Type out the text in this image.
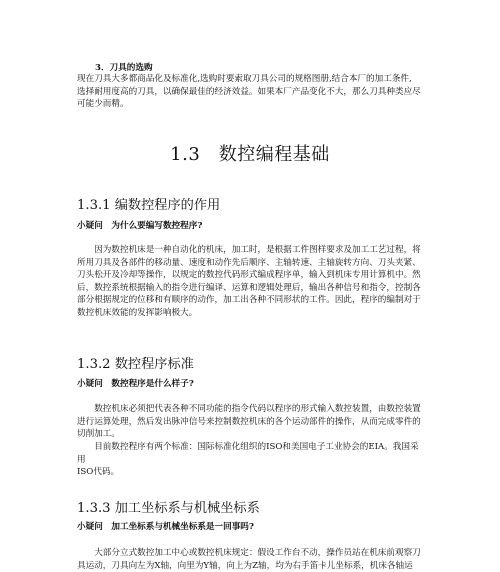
3．刀具的选购
现在刀具大多都商品化及标准化,选购时要索取刀具公司的规格图册,结合本厂的加工条件,
选择耐用度高的刀具，以确保最佳的经济效益。如果本厂产品变化不大，那么刀具种类应尽
可能少而精。
1.3　数控编程基础
1.3.1 编数控程序的作用
小疑问　为什么要编写数控程序?
　　因为数控机床是一种自动化的机床，加工时，是根据工件图样要求及加工工艺过程，将
所用刀具及各部件的移动量、速度和动作先后顺序、主轴转速、主轴旋转方向、刀头夹紧、
刀头松开及冷却等操作，以规定的数控代码形式编成程序单，输入到机床专用计算机中。然
后，数控系统根据输入的指令进行编译、运算和逻辑处理后，输出各种信号和指令，控制各
部分根据规定的位移和有顺序的动作，加工出各种不同形状的工件。因此，程序的编制对于
数控机床效能的发挥影响极大。
1.3.2 数控程序标准
小疑问　数控程序是什么样子?
　　数控机床必须把代表各种不同功能的指令代码以程序的形式输入数控装置，由数控装置
进行运算处理，然后发出脉冲信号来控制数控机床的各个运动部件的操作，从而完成零件的
切削加工。
　　目前数控程序有两个标准：国际标准化组织的ISO和美国电子工业协会的EIA。我国采用
ISO代码。
1.3.3 加工坐标系与机械坐标系
小疑问　加工坐标系与机械坐标系是一回事吗?
　　大部分立式数控加工中心或数控机床规定：假设工作台不动，操作员站在机床前观察刀
具运动，刀具向左为X轴，向里为Y轴，向上为Z轴，均为右手笛卡儿坐标系，机床各轴运
